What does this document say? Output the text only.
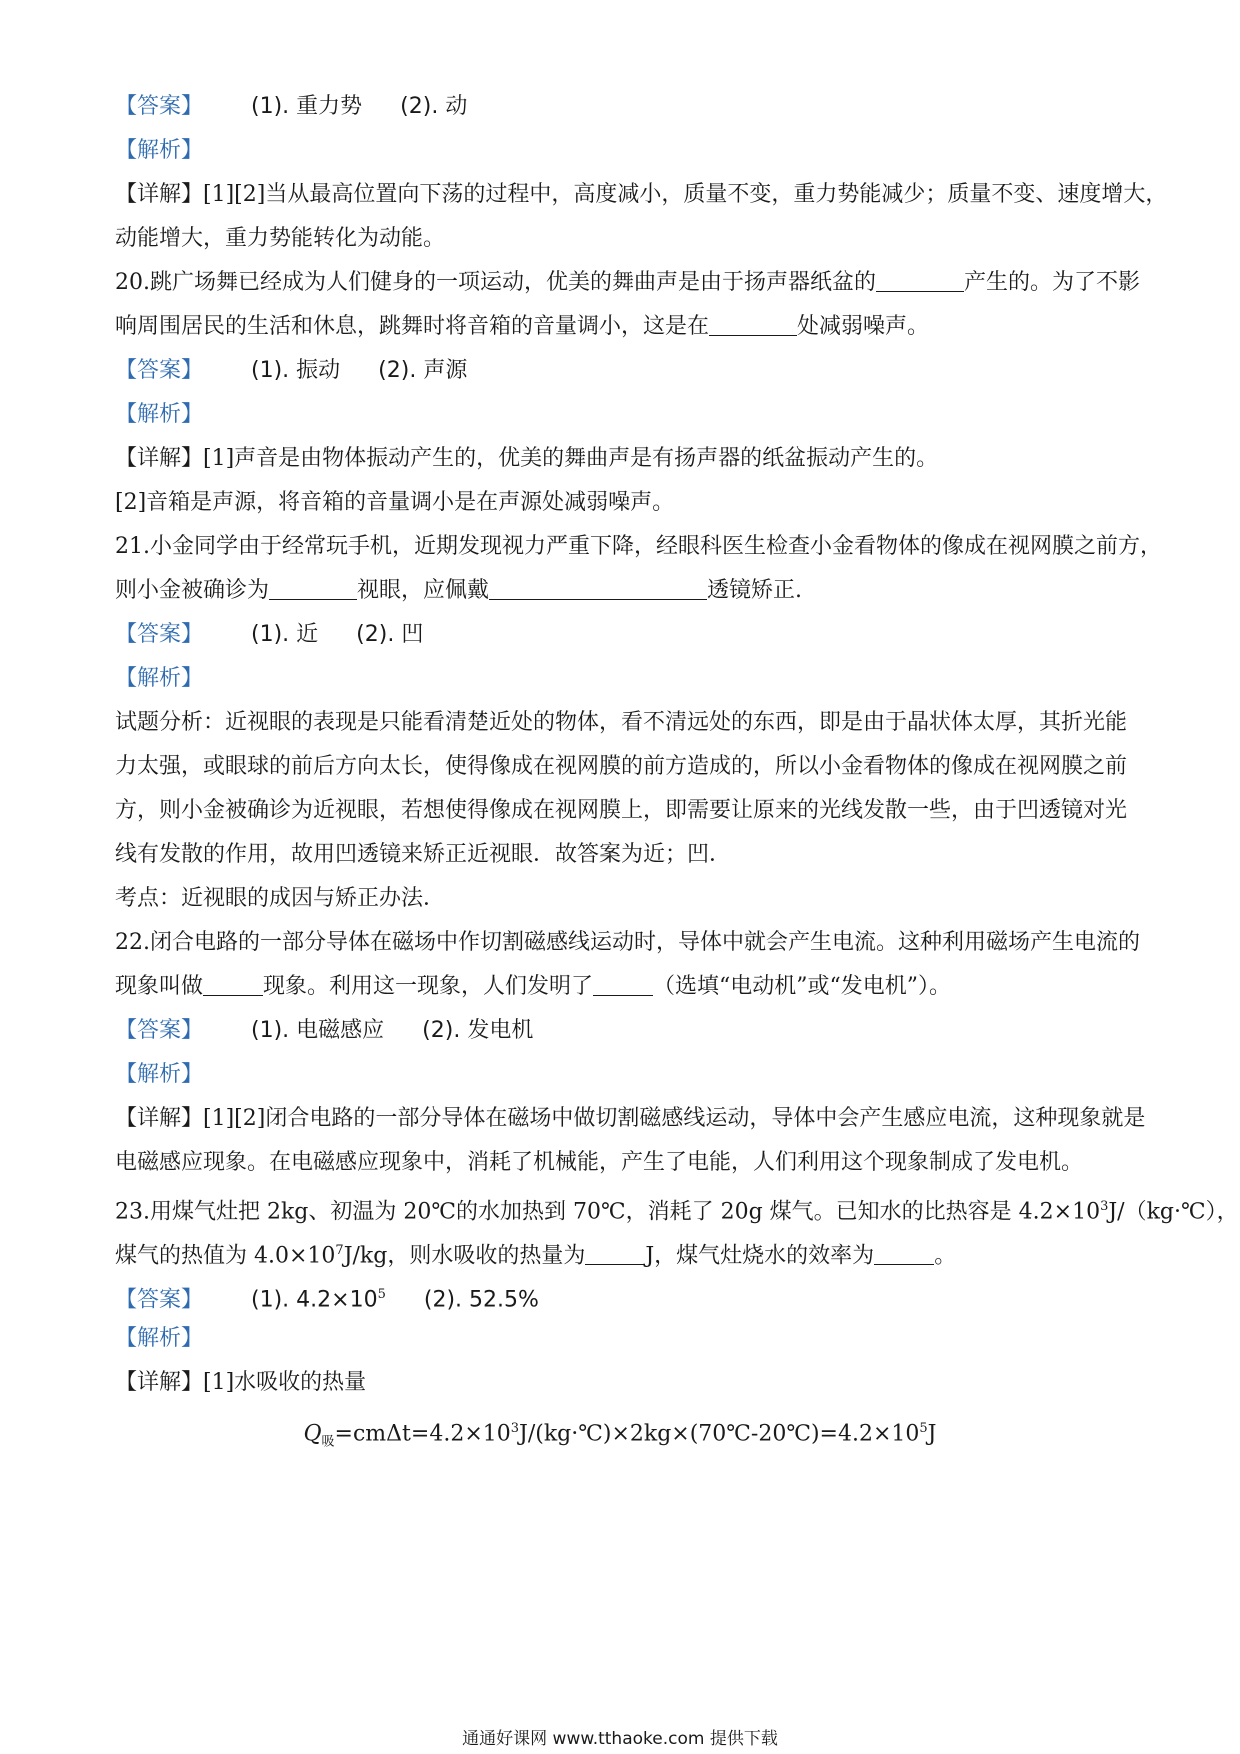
【答案】 (1). 重力势 (2). 动
【解析】
【详解】[1][2]当从最高位置向下荡的过程中，高度减小，质量不变，重力势能减少；质量不变、速度增大，
动能增大，重力势能转化为动能。
20.跳广场舞已经成为人们健身的一项运动，优美的舞曲声是由于扬声器纸盆的	产生的。为了不影
响周围居民的生活和休息，跳舞时将音箱的音量调小，这是在	处减弱噪声。
【答案】 (1). 振动 (2). 声源
【解析】
【详解】[1]声音是由物体振动产生的，优美的舞曲声是有扬声器的纸盆振动产生的。
[2]音箱是声源，将音箱的音量调小是在声源处减弱噪声。
21.小金同学由于经常玩手机，近期发现视力严重下降，经眼科医生检查小金看物体的像成在视网膜之前方，
则小金被确诊为	视眼，应佩戴	透镜矫正.
【答案】 (1). 近 (2). 凹
【解析】
试题分析：近视眼的表现是只能看清楚近处的物体，看不清远处的东西，即是由于晶状体太厚，其折光能
力太强，或眼球的前后方向太长，使得像成在视网膜的前方造成的，所以小金看物体的像成在视网膜之前
方，则小金被确诊为近视眼，若想使得像成在视网膜上，即需要让原来的光线发散一些，由于凹透镜对光
线有发散的作用，故用凹透镜来矫正近视眼．故答案为近；凹．
考点：近视眼的成因与矫正办法．
22.闭合电路的一部分导体在磁场中作切割磁感线运动时，导体中就会产生电流。这种利用磁场产生电流的
现象叫做	现象。利用这一现象，人们发明了	（选填“电动机”或“发电机”）。
【答案】 (1). 电磁感应 (2). 发电机
【解析】
【详解】[1][2]闭合电路的一部分导体在磁场中做切割磁感线运动，导体中会产生感应电流，这种现象就是
电磁感应现象。在电磁感应现象中，消耗了机械能，产生了电能，人们利用这个现象制成了发电机。
23.用煤气灶把 2kg、初温为 20℃的水加热到 70℃，消耗了 20g 煤气。已知水的比热容是 $4.2\times 10^3J/(kg\cdot℃)$，
煤气的热值为 $4.0\times 10^7J/kg$，则水吸收的热量为	J，煤气灶烧水的效率为	。
【答案】 (1). $4.2\times 10^5$ (2). 52.5%
【解析】
【详解】[1]水吸收的热量
$Q_吸=cm\Delta t=4.2\times 10^3J/(kg\cdot℃)\times 2kg\times(70℃-20℃)=4.2\times 10^5J$
通通好课网 www.tthaoke.com 提供下载
